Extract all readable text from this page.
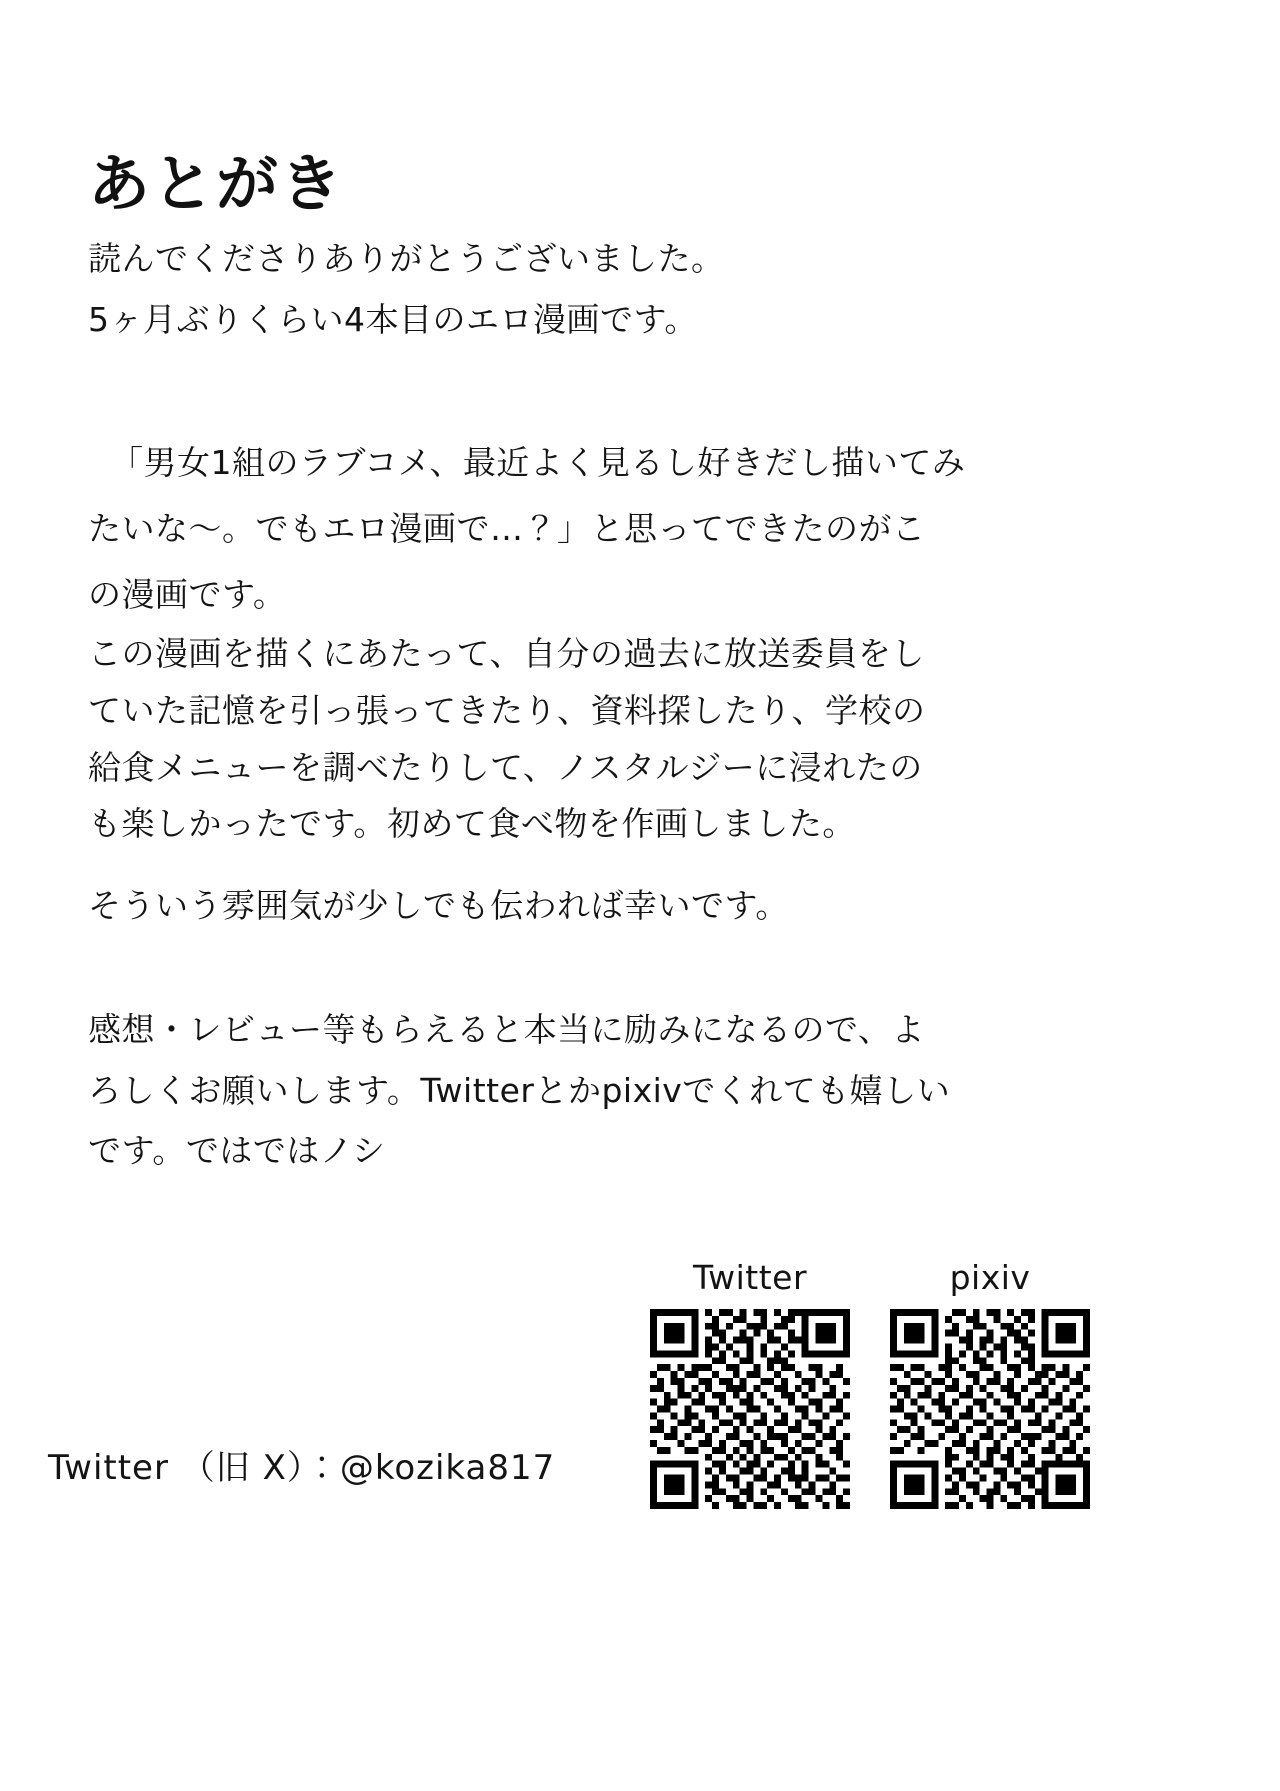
あとがき

読んでくださりありがとうございました。

5ヶ月ぶりくらい4本目のエロ漫画です。

「男女1組のラブコメ、最近よく見るし好きだし描いてみ

たいな〜。でもエロ漫画で…？」と思ってできたのがこ

の漫画です。

この漫画を描くにあたって、自分の過去に放送委員をし

ていた記憶を引っ張ってきたり、資料探したり、学校の

給食メニューを調べたりして、ノスタルジーに浸れたの

も楽しかったです。初めて食べ物を作画しました。

そういう雰囲気が少しでも伝われば幸いです。

感想・レビュー等もらえると本当に励みになるので、よ

ろしくお願いします。Twitterとかpixivでくれても嬉しい

です。ではではノシ

Twitter （旧 X）：@kozika817
Twitter	pixiv
